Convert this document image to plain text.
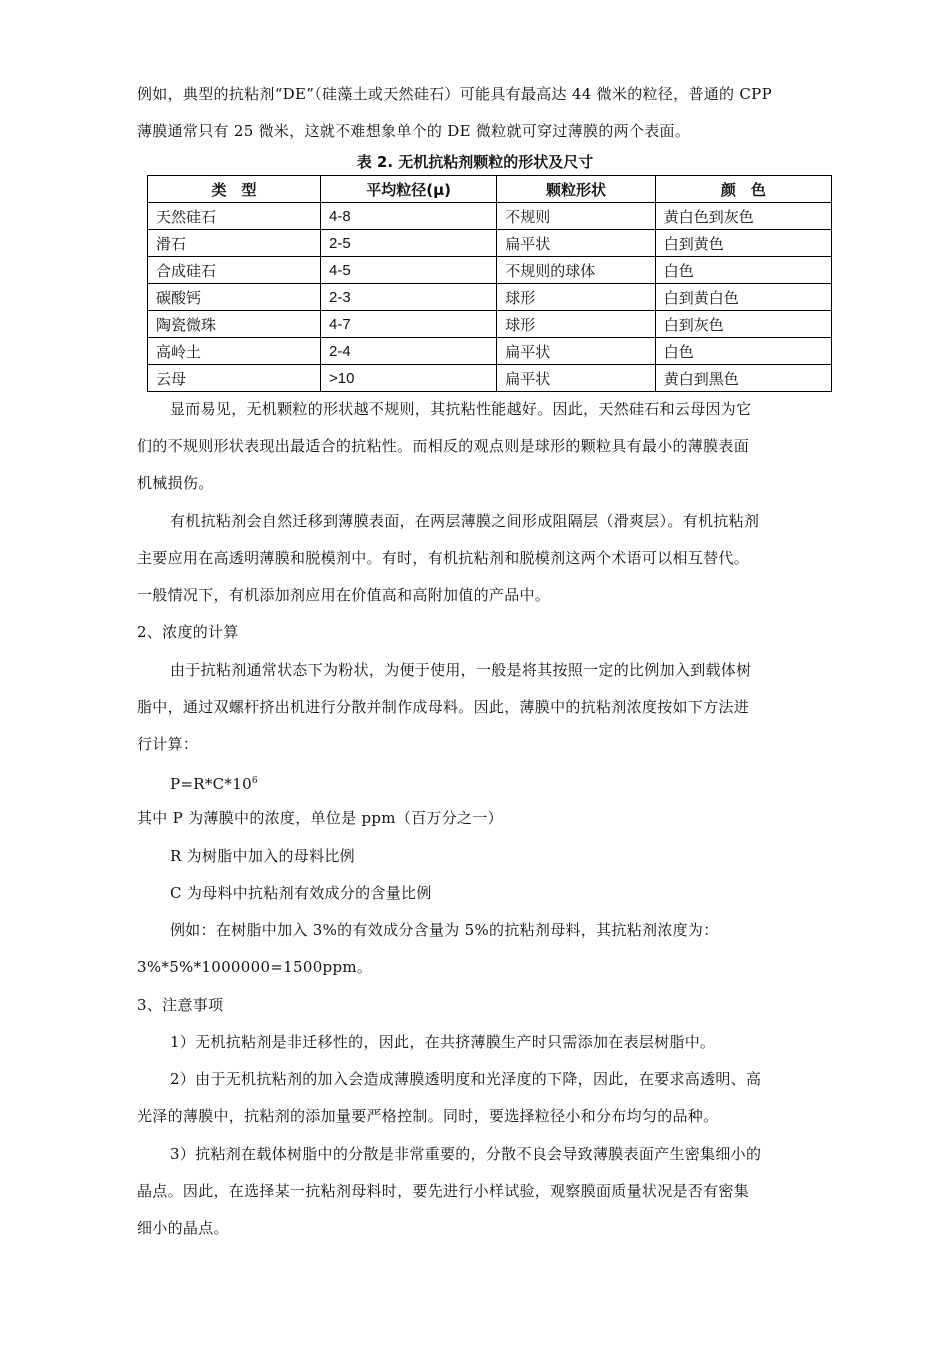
例如，典型的抗粘剂“DE”（硅藻土或天然硅石）可能具有最高达 44 微米的粒径，普通的 CPP
薄膜通常只有 25 微米，这就不难想象单个的 DE 微粒就可穿过薄膜的两个表面。
表 2. 无机抗粘剂颗粒的形状及尺寸
类　型	平均粒径(μ)	颗粒形状	颜　色
天然硅石	4-8	不规则	黄白色到灰色
滑石	2-5	扁平状	白到黄色
合成硅石	4-5	不规则的球体	白色
碳酸钙	2-3	球形	白到黄白色
陶瓷微珠	4-7	球形	白到灰色
高岭土	2-4	扁平状	白色
云母	>10	扁平状	黄白到黑色
显而易见，无机颗粒的形状越不规则，其抗粘性能越好。因此，天然硅石和云母因为它
们的不规则形状表现出最适合的抗粘性。而相反的观点则是球形的颗粒具有最小的薄膜表面
机械损伤。
有机抗粘剂会自然迁移到薄膜表面，在两层薄膜之间形成阻隔层（滑爽层）。有机抗粘剂
主要应用在高透明薄膜和脱模剂中。有时，有机抗粘剂和脱模剂这两个术语可以相互替代。
一般情况下，有机添加剂应用在价值高和高附加值的产品中。
2、浓度的计算
由于抗粘剂通常状态下为粉状，为便于使用，一般是将其按照一定的比例加入到载体树
脂中，通过双螺杆挤出机进行分散并制作成母料。因此，薄膜中的抗粘剂浓度按如下方法进
行计算：
$P=R*C*10^6$
其中 P 为薄膜中的浓度，单位是 ppm（百万分之一）
R 为树脂中加入的母料比例
C 为母料中抗粘剂有效成分的含量比例
例如：在树脂中加入 3%的有效成分含量为 5%的抗粘剂母料，其抗粘剂浓度为：
3%*5%*1000000=1500ppm。
3、注意事项
1）无机抗粘剂是非迁移性的，因此，在共挤薄膜生产时只需添加在表层树脂中。
2）由于无机抗粘剂的加入会造成薄膜透明度和光泽度的下降，因此，在要求高透明、高
光泽的薄膜中，抗粘剂的添加量要严格控制。同时，要选择粒径小和分布均匀的品种。
3）抗粘剂在载体树脂中的分散是非常重要的，分散不良会导致薄膜表面产生密集细小的
晶点。因此，在选择某一抗粘剂母料时，要先进行小样试验，观察膜面质量状况是否有密集
细小的晶点。
